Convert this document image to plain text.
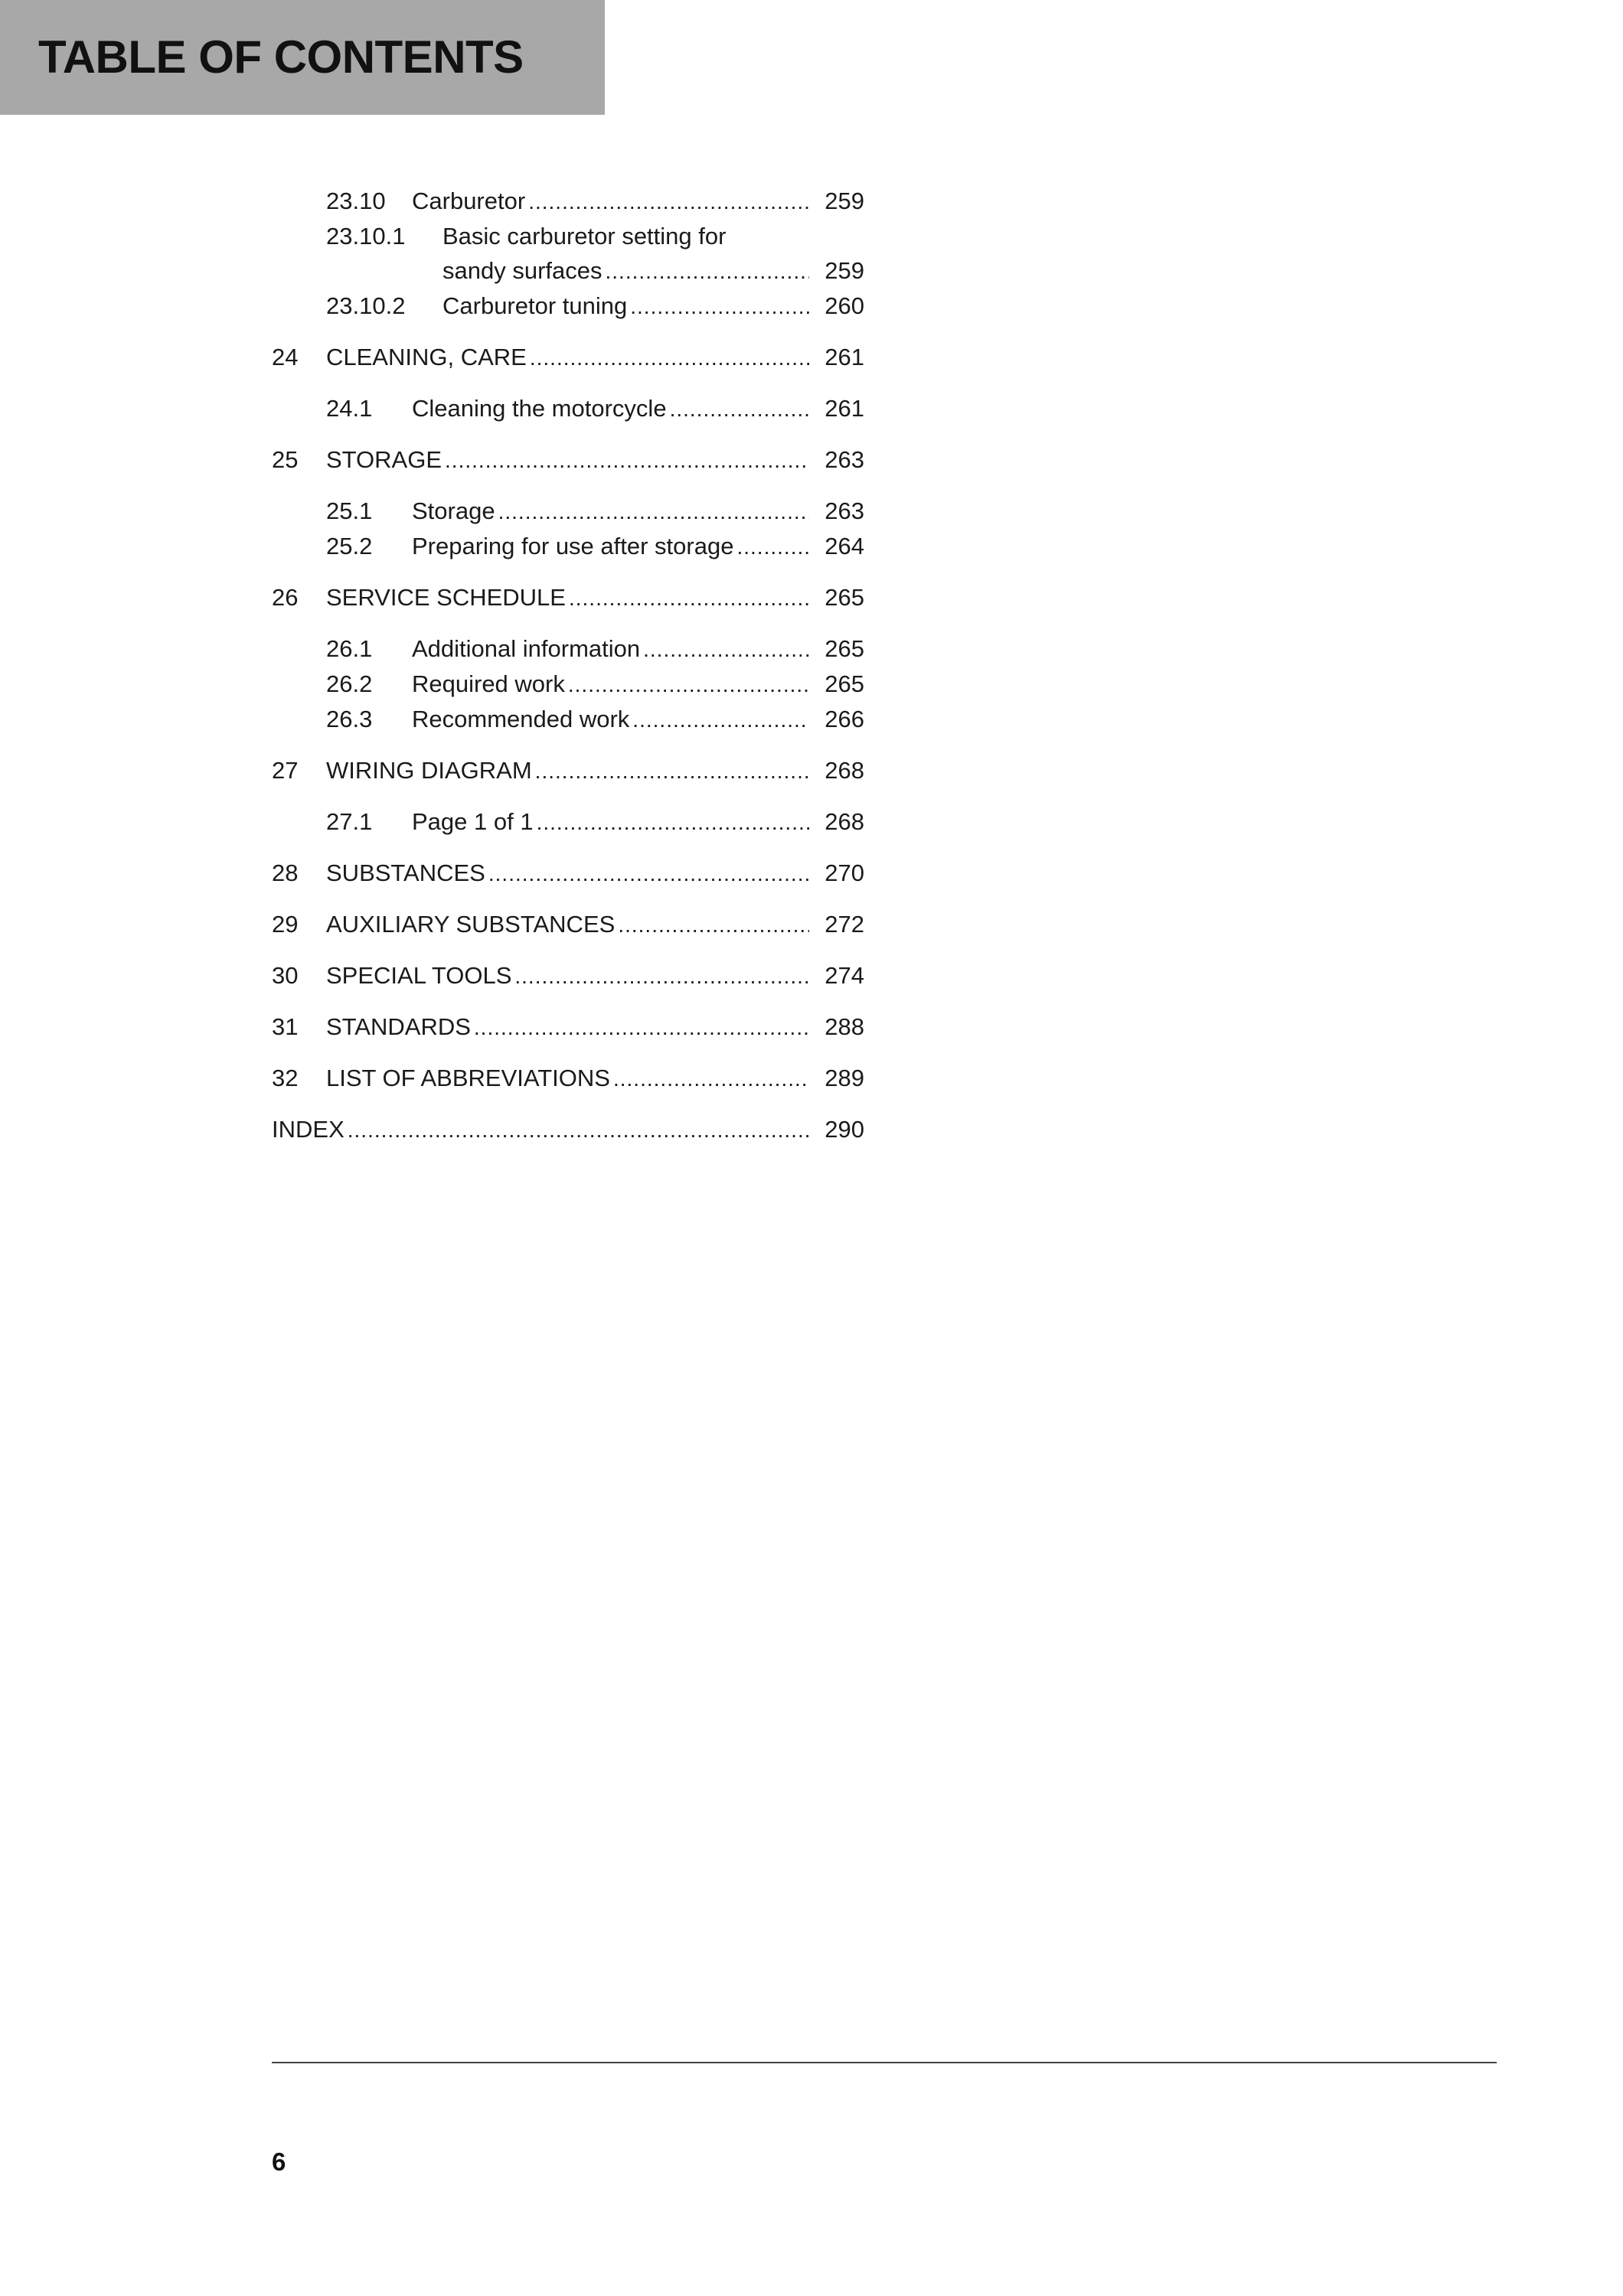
TABLE OF CONTENTS
23.10	Carburetor .....	259
23.10.1	Basic carburetor setting for
sandy surfaces .....	259
23.10.2	Carburetor tuning .....	260
24	CLEANING, CARE .....	261
24.1	Cleaning the motorcycle .....	261
25	STORAGE .....	263
25.1	Storage .....	263
25.2	Preparing for use after storage .....	264
26	SERVICE SCHEDULE .....	265
26.1	Additional information .....	265
26.2	Required work .....	265
26.3	Recommended work .....	266
27	WIRING DIAGRAM .....	268
27.1	Page 1 of 1 .....	268
28	SUBSTANCES .....	270
29	AUXILIARY SUBSTANCES .....	272
30	SPECIAL TOOLS .....	274
31	STANDARDS .....	288
32	LIST OF ABBREVIATIONS .....	289
INDEX .....	290
6
